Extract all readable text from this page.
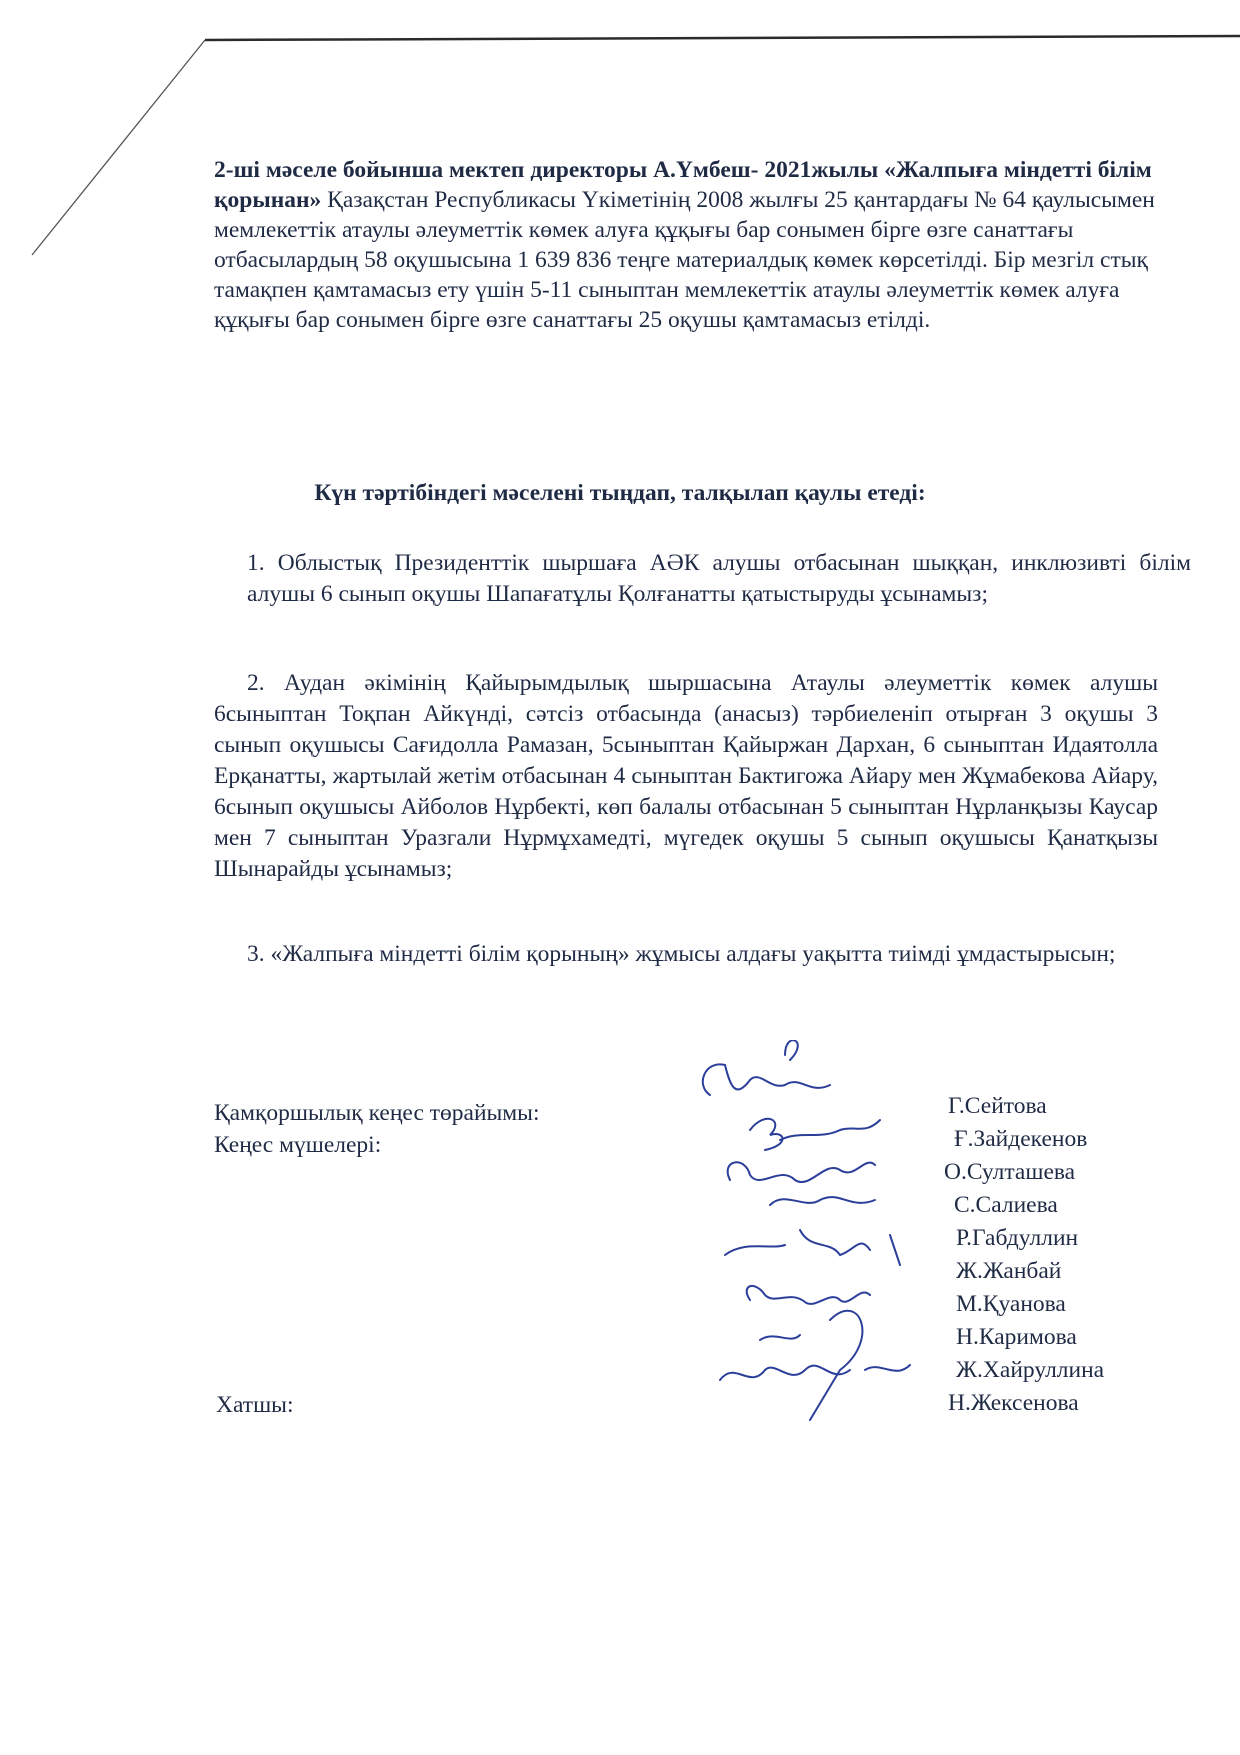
2-ші мәселе бойынша мектеп директоры А.Үмбеш- 2021жылы «Жалпыға міндетті білім қорынан» Қазақстан Республикасы Үкіметінің 2008 жылғы 25 қантардағы № 64 қаулысымен мемлекеттік атаулы әлеуметтік көмек алуға құқығы бар сонымен бірге өзге санаттағы отбасылардың 58 оқушысына 1 639 836 теңге материалдық көмек көрсетілді. Бір мезгіл стық тамақпен қамтамасыз ету үшін 5-11 сыныптан мемлекеттік атаулы әлеуметтік көмек алуға құқығы бар сонымен бірге өзге санаттағы 25 оқушы қамтамасыз етілді.
Күн тәртібіндегі мәселені тыңдап, талқылап қаулы етеді:
1. Облыстық Президенттік шыршаға АӘК алушы отбасынан шыққан, инклюзивті білім алушы 6 сынып оқушы Шапағатұлы Қолғанатты қатыстыруды ұсынамыз;
2. Аудан әкімінің Қайырымдылық шыршасына Атаулы әлеуметтік көмек алушы 6сыныптан Тоқпан Айкүнді, сәтсіз отбасында (анасыз) тәрбиеленіп отырған 3 оқушы 3 сынып оқушысы Сағидолла Рамазан, 5сыныптан Қайыржан Дархан, 6 сыныптан Идаятолла Ерқанатты, жартылай жетім отбасынан 4 сыныптан Бактигожа Айару мен Жұмабекова Айару, 6сынып оқушысы Айболов Нұрбекті, көп балалы отбасынан 5 сыныптан Нұрланқызы Каусар мен 7 сыныптан Уразгали Нұрмұхамедті, мүгедек оқушы 5 сынып оқушысы Қанатқызы Шынарайды ұсынамыз;
3. «Жалпыға міндетті білім қорының» жұмысы алдағы уақытта тиімді ұмдастырысын;
Қамқоршылық кеңес төрайымы:
Кеңес мүшелері:
Г.Сейтова
Ғ.Зайдекенов
О.Султашева
С.Салиева
Р.Габдуллин
Ж.Жанбай
М.Қуанова
Н.Каримова
Ж.Хайруллина
Н.Жексенова
Хатшы:
